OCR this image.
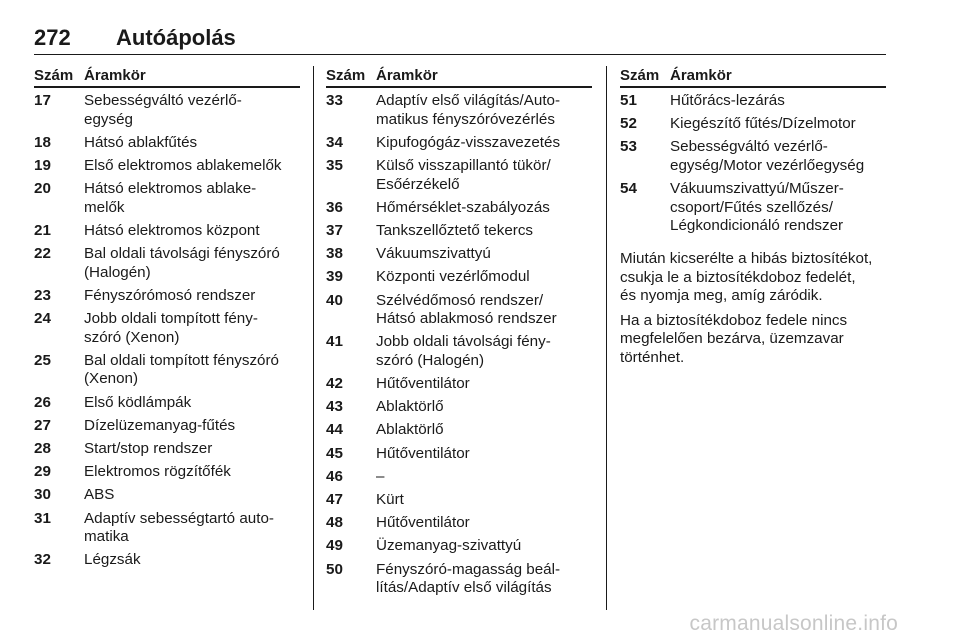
272 Autóápolás
Szám Áramkör
17	Sebességváltó vezérlő-
egység
18	Hátsó ablakfűtés
19	Első elektromos ablakemelők
20	Hátsó elektromos ablake-
melők
21	Hátsó elektromos központ
22	Bal oldali távolsági fényszóró
(Halogén)
23	Fényszórómosó rendszer
24	Jobb oldali tompított fény-
szóró (Xenon)
25	Bal oldali tompított fényszóró
(Xenon)
26	Első ködlámpák
27	Dízelüzemanyag-fűtés
28	Start/stop rendszer
29	Elektromos rögzítőfék
30	ABS
31	Adaptív sebességtartó auto-
matika
32	Légzsák
Szám Áramkör
33	Adaptív első világítás/Auto-
matikus fényszóróvezérlés
34	Kipufogógáz-visszavezetés
35	Külső visszapillantó tükör/
Esőérzékelő
36	Hőmérséklet-szabályozás
37	Tankszellőztető tekercs
38	Vákuumszivattyú
39	Központi vezérlőmodul
40	Szélvédőmosó rendszer/
Hátsó ablakmosó rendszer
41	Jobb oldali távolsági fény-
szóró (Halogén)
42	Hűtőventilátor
43	Ablaktörlő
44	Ablaktörlő
45	Hűtőventilátor
46	–
47	Kürt
48	Hűtőventilátor
49	Üzemanyag-szivattyú
50	Fényszóró-magasság beál-
lítás/Adaptív első világítás
Szám Áramkör
51	Hűtőrács-lezárás
52	Kiegészítő fűtés/Dízelmotor
53	Sebességváltó vezérlő-
egység/Motor vezérlőegység
54	Vákuumszivattyú/Műszer-
csoport/Fűtés szellőzés/
Légkondicionáló rendszer

Miután kicserélte a hibás biztosítékot,
csukja le a biztosítékdoboz fedelét,
és nyomja meg, amíg záródik.

Ha a biztosítékdoboz fedele nincs
megfelelően bezárva, üzemzavar
történhet.

carmanualsonline.info
